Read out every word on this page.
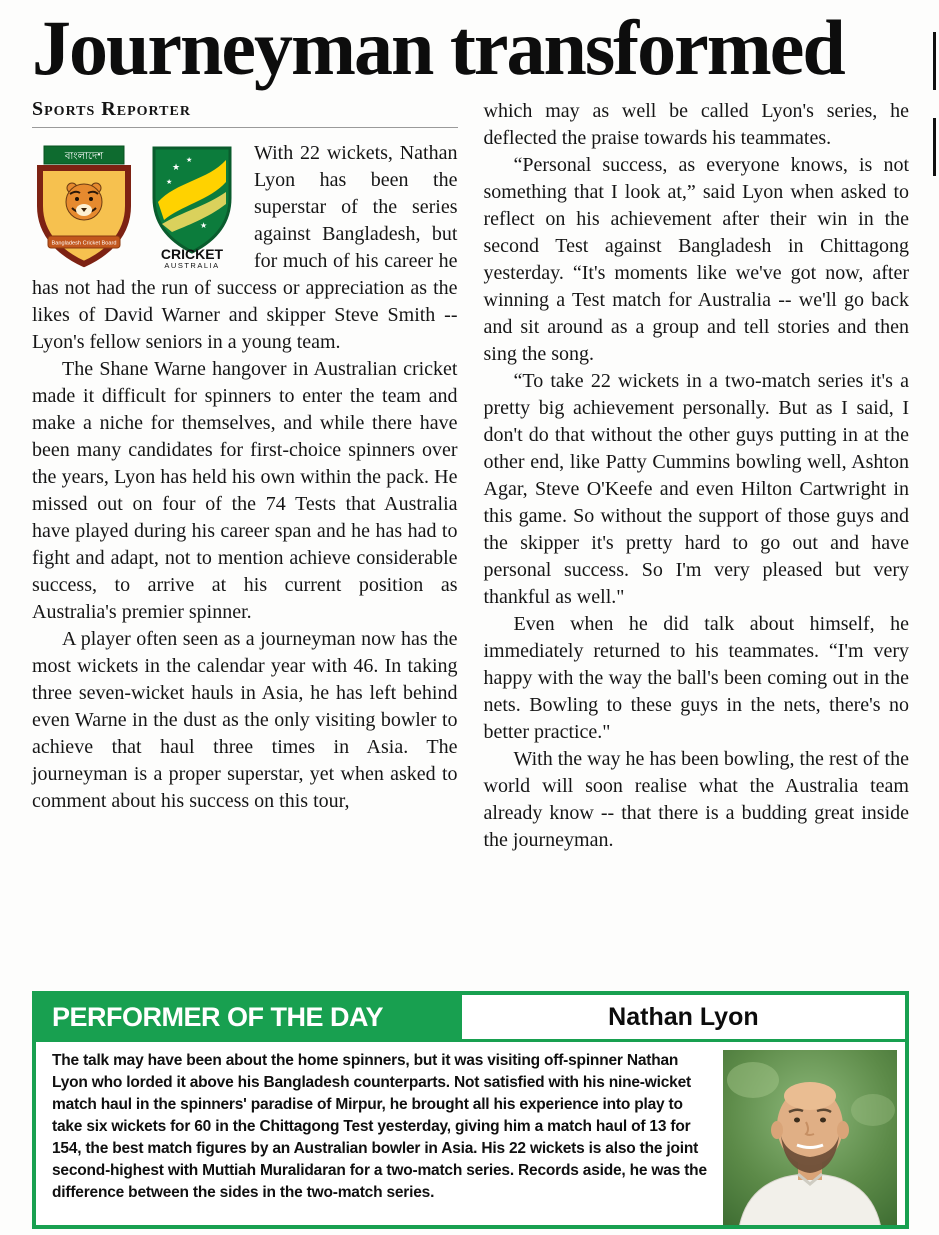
Journeyman transformed
Sports Reporter
বাংলাদেশ
Bangladesh Cricket Board
★
★
★
★
CRICKET
AUSTRALIA

With 22 wickets, Nathan Lyon has been the superstar of the series against Bangladesh, but for much of his career he has not had the run of success or appreciation as the likes of David Warner and skipper Steve Smith -- Lyon's fellow seniors in a young team.

The Shane Warne hangover in Australian cricket made it difficult for spinners to enter the team and make a niche for themselves, and while there have been many candidates for first-choice spinners over the years, Lyon has held his own within the pack. He missed out on four of the 74 Tests that Australia have played during his career span and he has had to fight and adapt, not to mention achieve considerable success, to arrive at his current position as Australia's premier spinner.

A player often seen as a journeyman now has the most wickets in the calendar year with 46. In taking three seven-wicket hauls in Asia, he has left behind even Warne in the dust as the only visiting bowler to achieve that haul three times in Asia. The journeyman is a proper superstar, yet when asked to comment about his success on this tour,

which may as well be called Lyon's series, he deflected the praise towards his teammates.

“Personal success, as everyone knows, is not something that I look at,” said Lyon when asked to reflect on his achievement after their win in the second Test against Bangladesh in Chittagong yesterday. “It's moments like we've got now, after winning a Test match for Australia -- we'll go back and sit around as a group and tell stories and then sing the song.

“To take 22 wickets in a two-match series it's a pretty big achievement personally. But as I said, I don't do that without the other guys putting in at the other end, like Patty Cummins bowling well, Ashton Agar, Steve O'Keefe and even Hilton Cartwright in this game. So without the support of those guys and the skipper it's pretty hard to go out and have personal success. So I'm very pleased but very thankful as well."

Even when he did talk about himself, he immediately returned to his teammates. “I'm very happy with the way the ball's been coming out in the nets. Bowling to these guys in the nets, there's no better practice."

With the way he has been bowling, the rest of the world will soon realise what the Australia team already know -- that there is a budding great inside the journeyman.

PERFORMER OF THE DAY	Nathan Lyon

The talk may have been about the home spinners, but it was visiting off-spinner Nathan Lyon who lorded it above his Bangladesh counterparts. Not satisfied with his nine-wicket match haul in the spinners' paradise of Mirpur, he brought all his experience into play to take six wickets for 60 in the Chittagong Test yesterday, giving him a match haul of 13 for 154, the best match figures by an Australian bowler in Asia. His 22 wickets is also the joint second-highest with Muttiah Muralidaran for a two-match series. Records aside, he was the difference between the sides in the two-match series.
